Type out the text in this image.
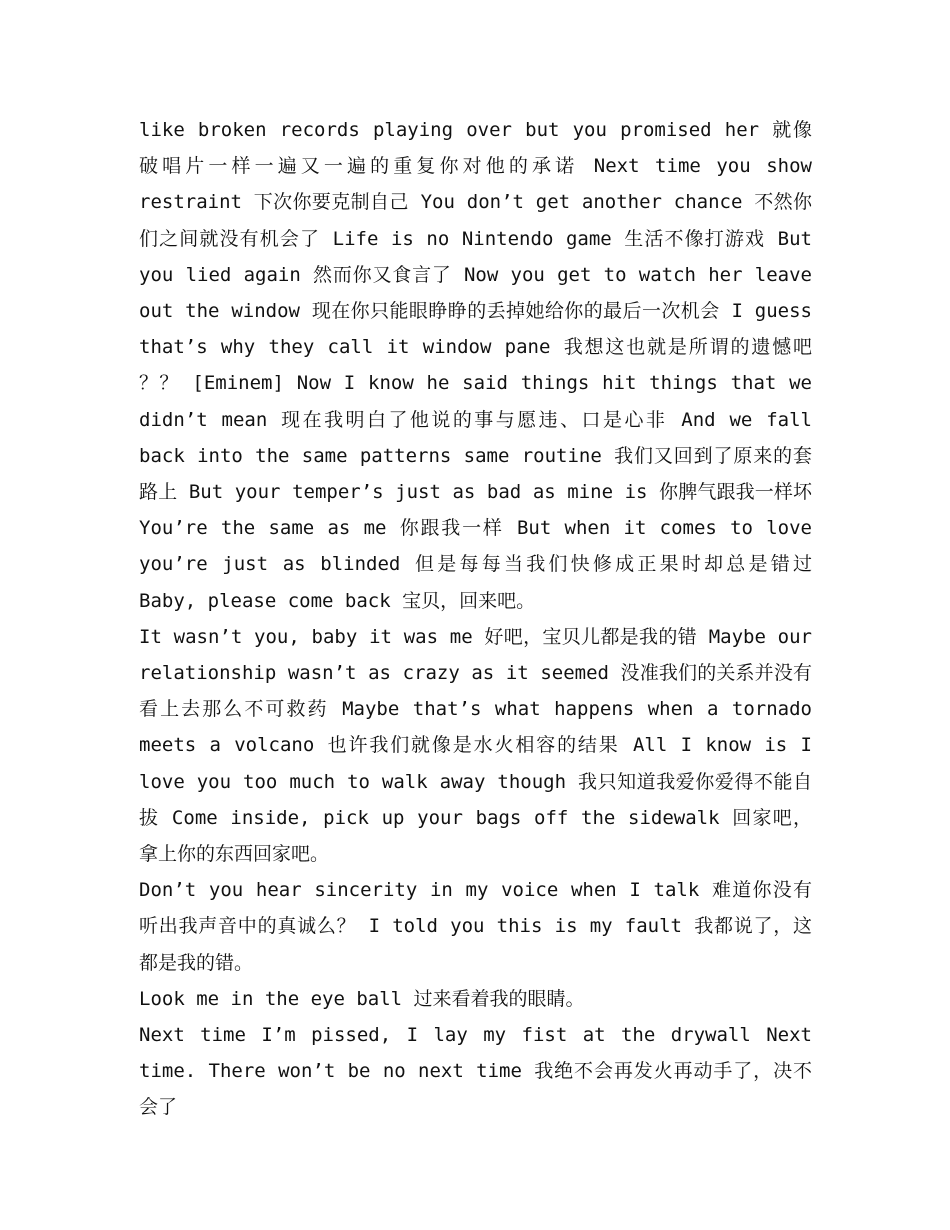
like broken records playing over but you promised her 就像破唱片一样一遍又一遍的重复你对他的承诺 Next time you show restraint 下次你要克制自己 You don’t get another chance 不然你们之间就没有机会了 Life is no Nintendo game 生活不像打游戏 But you lied again 然而你又食言了 Now you get to watch her leave out the window 现在你只能眼睁睁的丢掉她给你的最后一次机会 I guess that’s why they call it window pane 我想这也就是所谓的遗憾吧 ？？ [Eminem] Now I know he said things hit things that we didn’t mean 现在我明白了他说的事与愿违、口是心非 And we fall back into the same patterns same routine 我们又回到了原来的套路上 But your temper’s just as bad as mine is 你脾气跟我一样坏 You’re the same as me 你跟我一样 But when it comes to love you’re just as blinded 但是每每当我们快修成正果时却总是错过 Baby, please come back 宝贝，回来吧。

It wasn’t you, baby it was me 好吧，宝贝儿都是我的错 Maybe our relationship wasn’t as crazy as it seemed 没准我们的关系并没有看上去那么不可救药 Maybe that’s what happens when a tornado meets a volcano 也许我们就像是水火相容的结果 All I know is I love you too much to walk away though 我只知道我爱你爱得不能自拔 Come inside, pick up your bags off the sidewalk 回家吧，拿上你的东西回家吧。

Don’t you hear sincerity in my voice when I talk 难道你没有听出我声音中的真诚么？ I told you this is my fault 我都说了，这都是我的错。

Look me in the eye ball 过来看着我的眼睛。

Next time I’m pissed, I lay my fist at the drywall Next time. There won’t be no next time 我绝不会再发火再动手了，决不会了
